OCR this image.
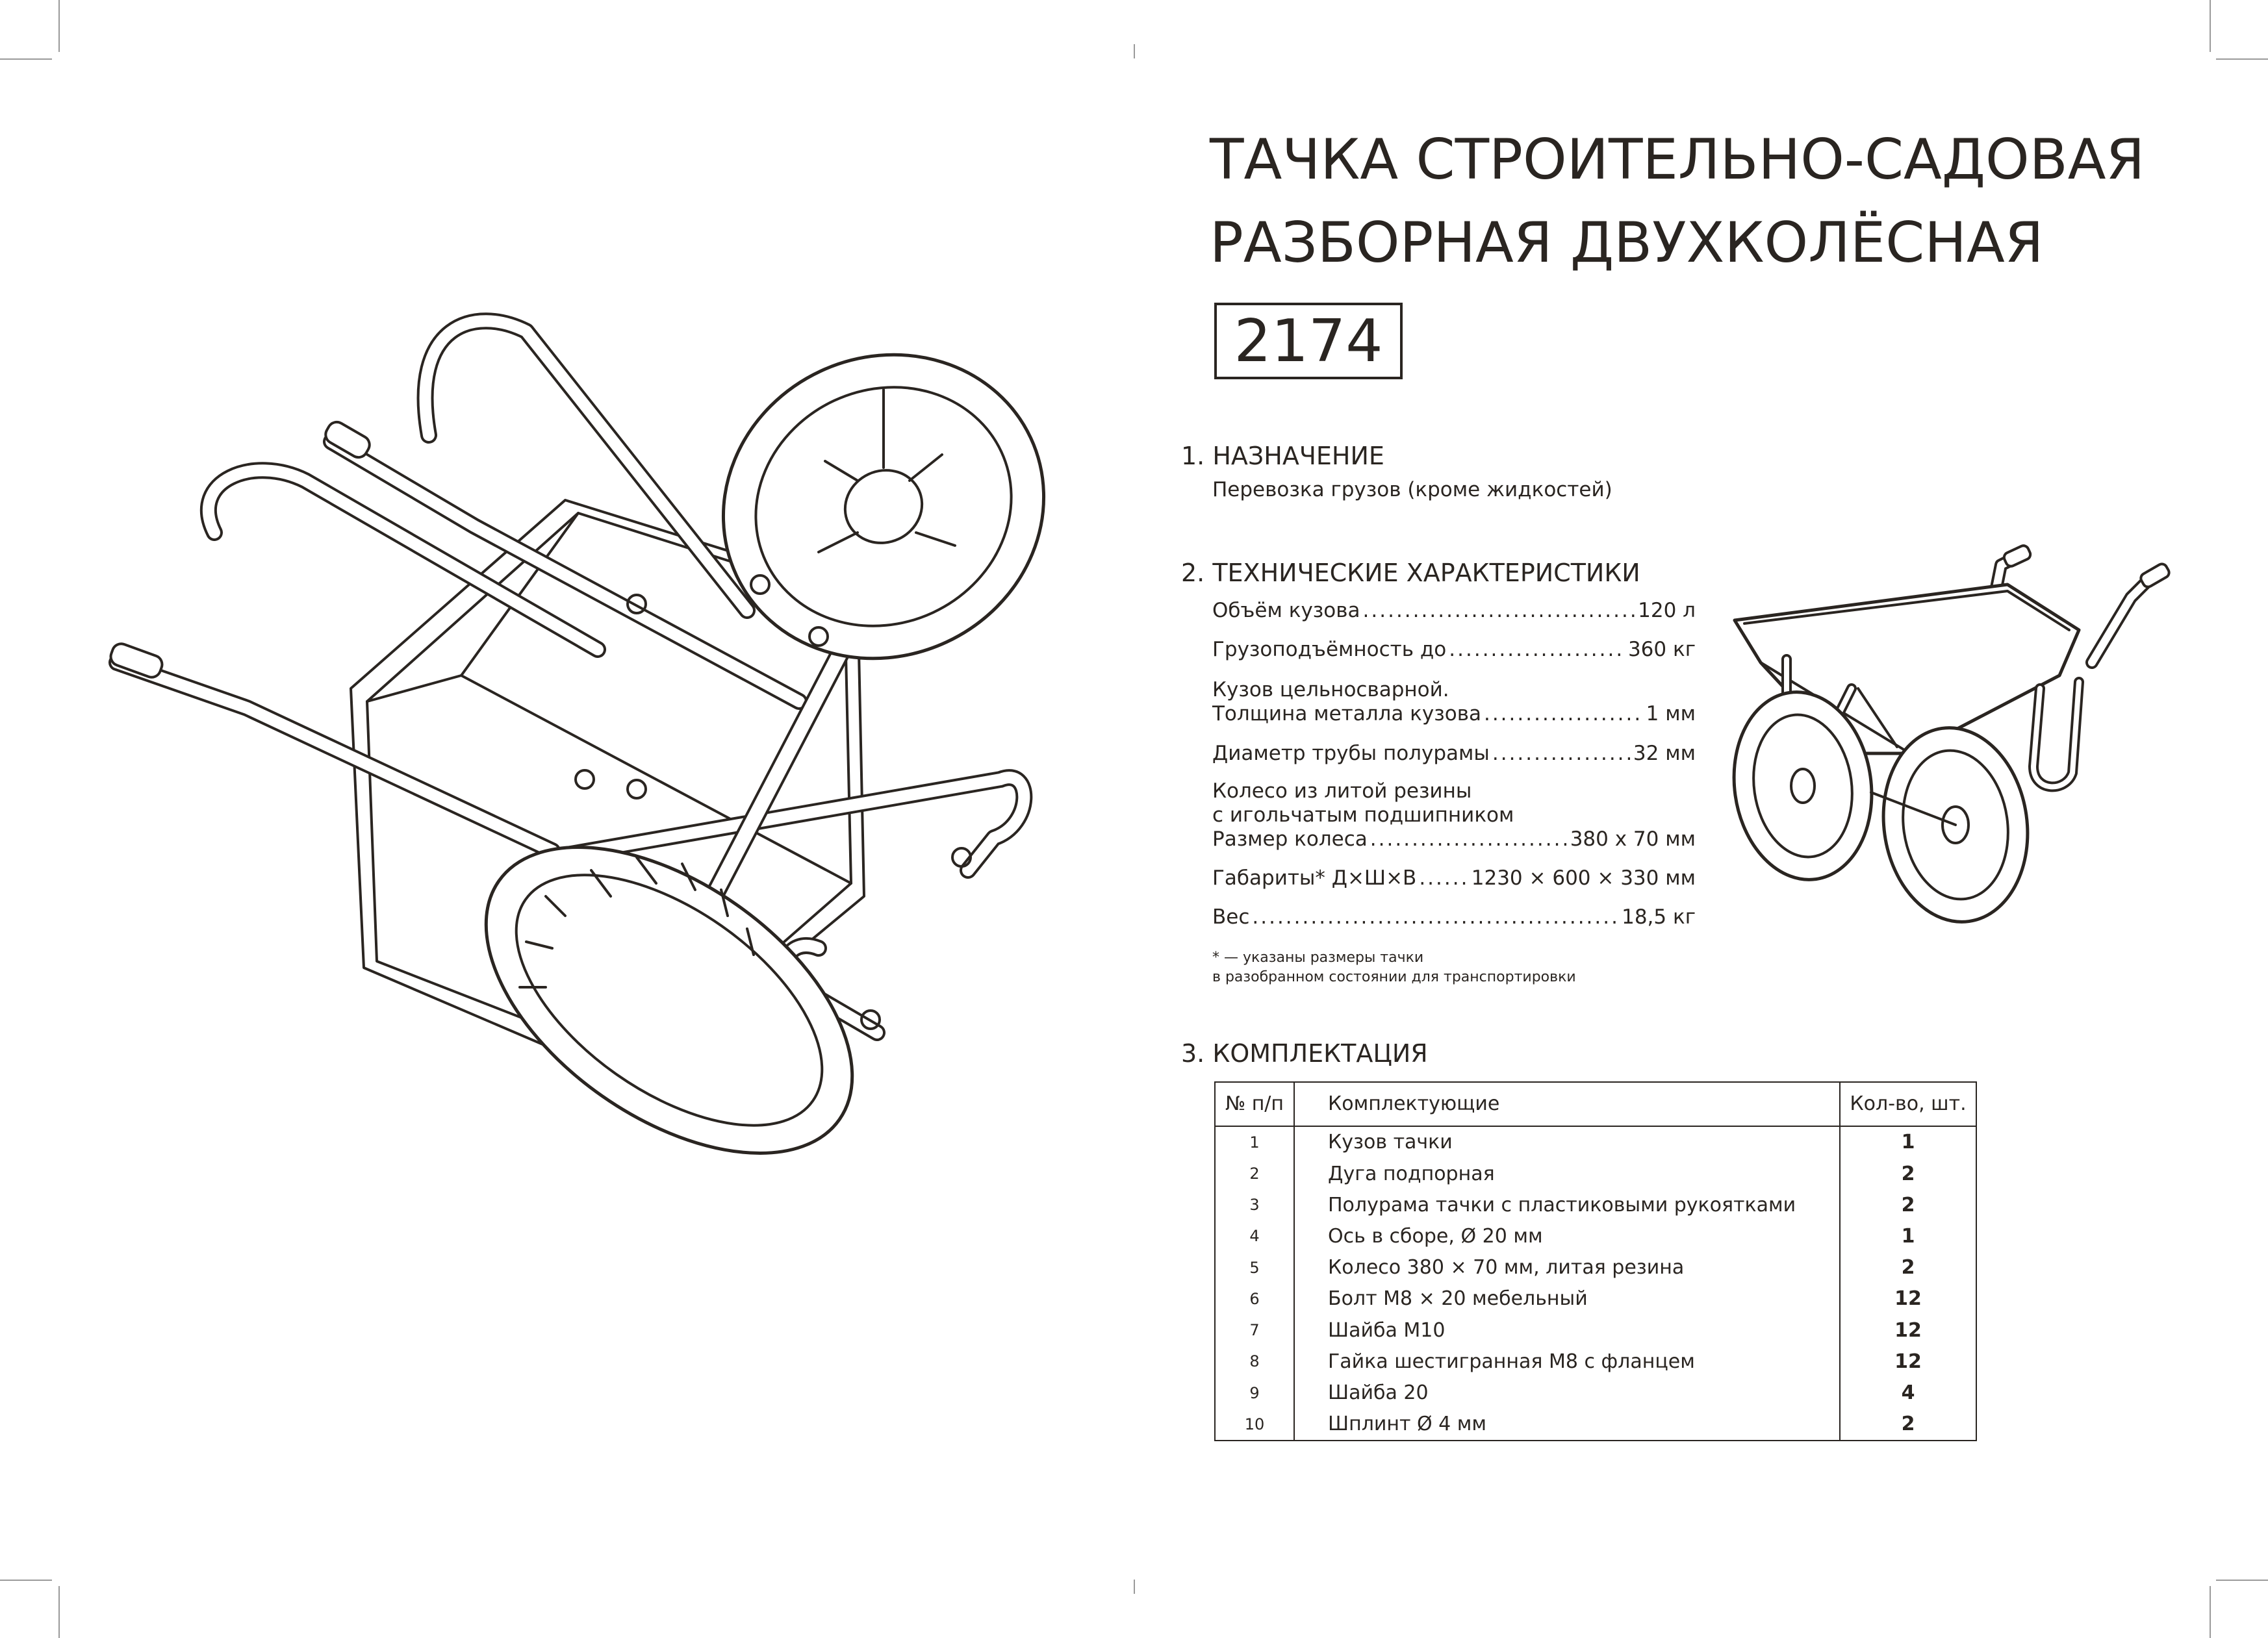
ТАЧКА СТРОИТЕЛЬНО-САДОВАЯ
РАЗБОРНАЯ ДВУХКОЛЁСНАЯ
2174
1. НАЗНАЧЕНИЕ
Перевозка грузов (кроме жидкостей)
2. ТЕХНИЧЕСКИЕ ХАРАКТЕРИСТИКИ
Объём кузова .....	120 л
Грузоподъёмность до .....	360 кг
Кузов цельносварной.
Толщина металла кузова .....	1 мм
Диаметр трубы полурамы .....	32 мм
Колесо из литой резины
с игольчатым подшипником
Размер колеса .....	380 х 70 мм
Габариты* Д×Ш×В .....	1230 × 600 × 330 мм
Вес .....	18,5 кг
* — указаны размеры тачки
в разобранном состоянии для транспортировки
3. КОМПЛЕКТАЦИЯ
№ п/п	Комплектующие	Кол-во, шт.
1	Кузов тачки	1
2	Дуга подпорная	2
3	Полурама тачки с пластиковыми рукоятками	2
4	Ось в сборе, Ø 20 мм	1
5	Колесо 380 × 70 мм, литая резина	2
6	Болт М8 × 20 мебельный	12
7	Шайба М10	12
8	Гайка шестигранная М8 с фланцем	12
9	Шайба 20	4
10	Шплинт Ø 4 мм	2
